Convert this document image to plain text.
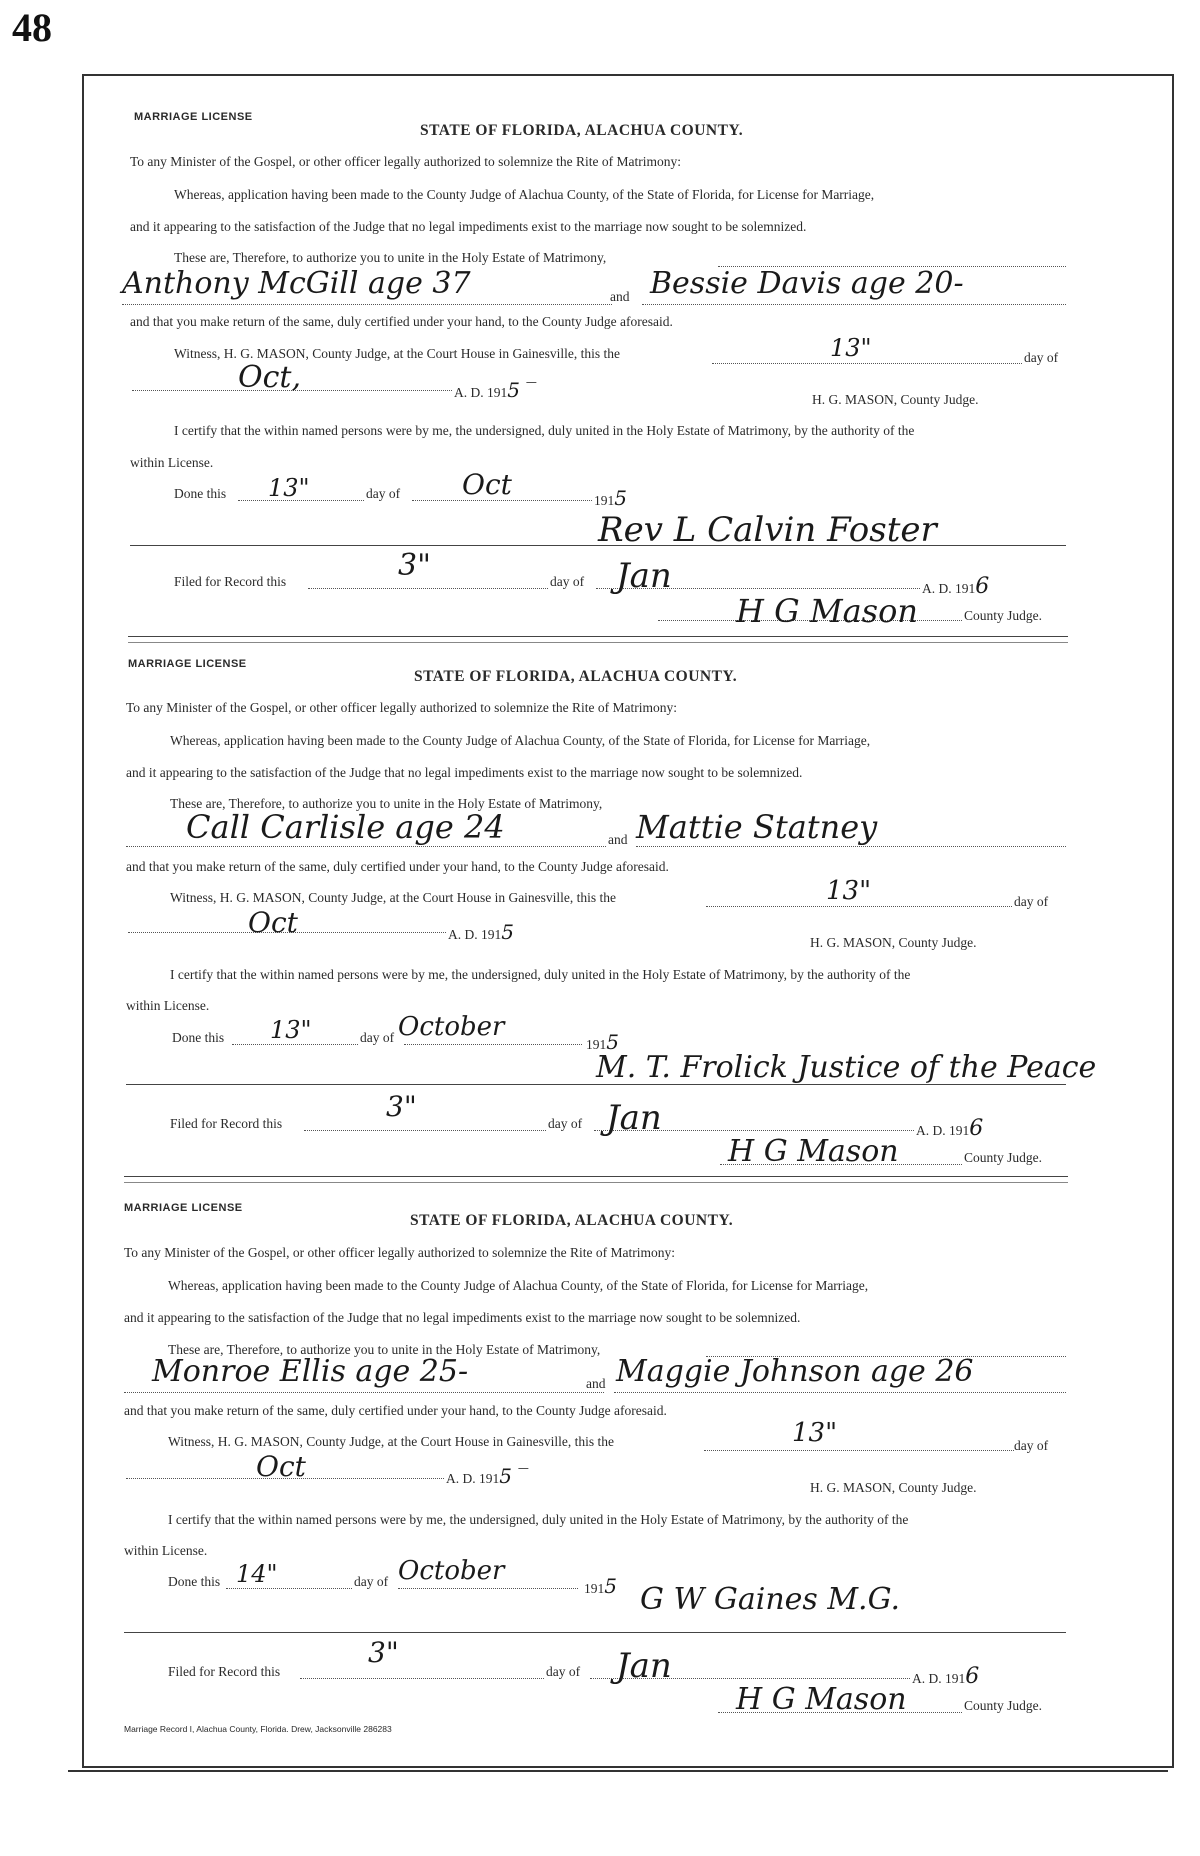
48
MARRIAGE LICENSE
STATE OF FLORIDA, ALACHUA COUNTY.
To any Minister of the Gospel, or other officer legally authorized to solemnize the Rite of Matrimony:
Whereas, application having been made to the County Judge of Alachua County, of the State of Florida, for License for Marriage,
and it appearing to the satisfaction of the Judge that no legal impediments exist to the marriage now sought to be solemnized.
These are, Therefore, to authorize you to unite in the Holy Estate of Matrimony,
Anthony McGill age 37	and Bessie Davis age 20-
and that you make return of the same, duly certified under your hand, to the County Judge aforesaid.
Witness, H. G. MASON, County Judge, at the Court House in Gainesville, this the	13"	day of
Oct,	A. D. 1915 ‾	H. G. MASON, County Judge.
I certify that the within named persons were by me, the undersigned, duly united in the Holy Estate of Matrimony, by the authority of the
within License.
Done this 13"	day of Oct	1915
Rev L Calvin Foster
Filed for Record this	3"	day of Jan	A. D. 1916
H G Mason	County Judge.
MARRIAGE LICENSE
STATE OF FLORIDA, ALACHUA COUNTY.
To any Minister of the Gospel, or other officer legally authorized to solemnize the Rite of Matrimony:
Whereas, application having been made to the County Judge of Alachua County, of the State of Florida, for License for Marriage,
and it appearing to the satisfaction of the Judge that no legal impediments exist to the marriage now sought to be solemnized.
These are, Therefore, to authorize you to unite in the Holy Estate of Matrimony,
Call Carlisle age 24	and Mattie Statney
and that you make return of the same, duly certified under your hand, to the County Judge aforesaid.
Witness, H. G. MASON, County Judge, at the Court House in Gainesville, this the	13"	day of
Oct	A. D. 1915	H. G. MASON, County Judge.
I certify that the within named persons were by me, the undersigned, duly united in the Holy Estate of Matrimony, by the authority of the
within License.
Done this 13"	day of October
1915
M. T. Frolick Justice of the Peace
Filed for Record this
3"
day of Jan	A. D. 1916
H G Mason	County Judge.
MARRIAGE LICENSE
STATE OF FLORIDA, ALACHUA COUNTY.
To any Minister of the Gospel, or other officer legally authorized to solemnize the Rite of Matrimony:
Whereas, application having been made to the County Judge of Alachua County, of the State of Florida, for License for Marriage,
and it appearing to the satisfaction of the Judge that no legal impediments exist to the marriage now sought to be solemnized.
These are, Therefore, to authorize you to unite in the Holy Estate of Matrimony,
Monroe Ellis age 25-	and Maggie Johnson age 26
and that you make return of the same, duly certified under your hand, to the County Judge aforesaid.
Witness, H. G. MASON, County Judge, at the Court House in Gainesville, this the	13"	day of
Oct	A. D. 1915 ‾	H. G. MASON, County Judge.
I certify that the within named persons were by me, the undersigned, duly united in the Holy Estate of Matrimony, by the authority of the
within License.
Done this 14"	day of October
1915 G W Gaines M.G.
Filed for Record this
3"
day of Jan	A. D. 1916
H G Mason	County Judge.
Marriage Record I, Alachua County, Florida. Drew, Jacksonville 286283
